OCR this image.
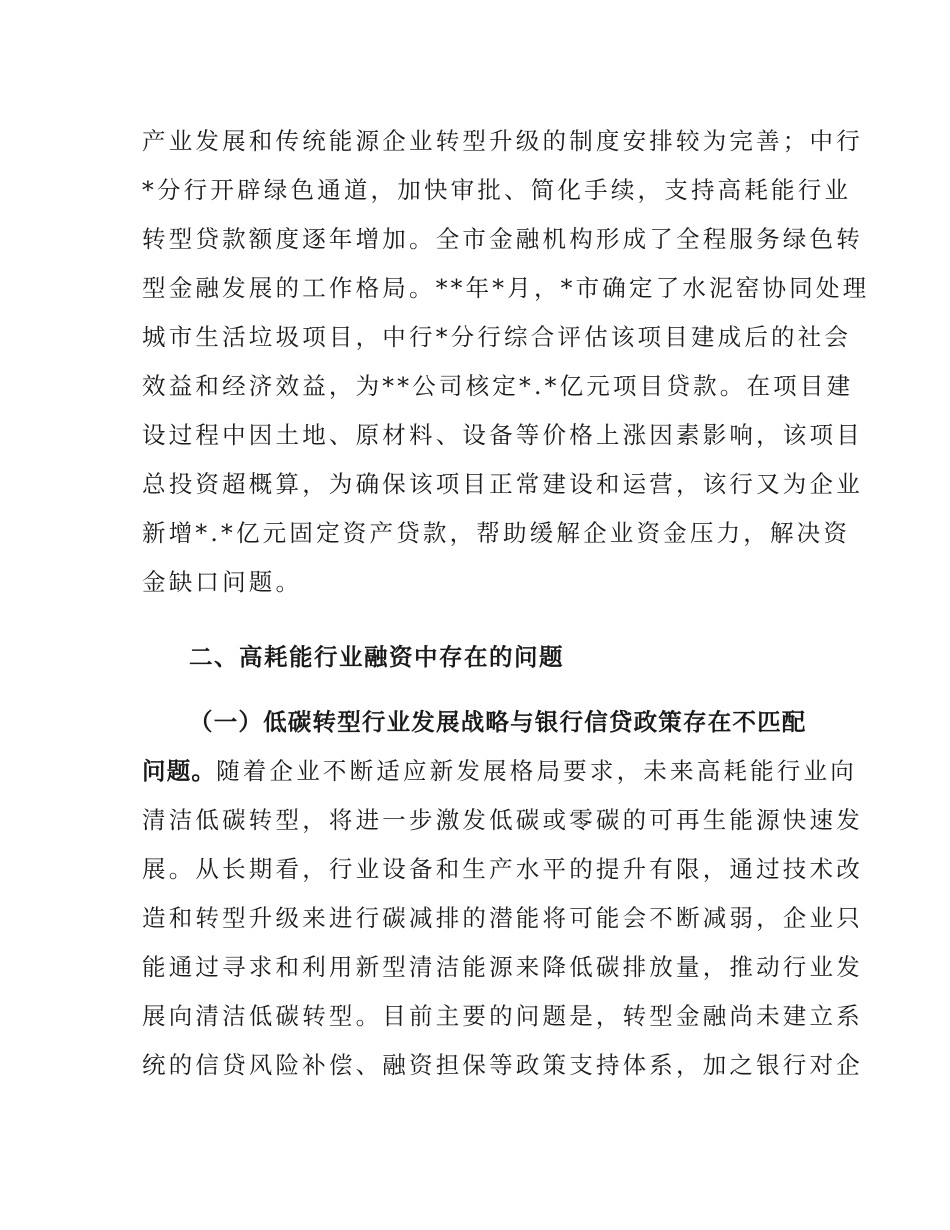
产业发展和传统能源企业转型升级的制度安排较为完善；中行
*分行开辟绿色通道，加快审批、简化手续，支持高耗能行业
转型贷款额度逐年增加。全市金融机构形成了全程服务绿色转
型金融发展的工作格局。**年*月，*市确定了水泥窑协同处理
城市生活垃圾项目，中行*分行综合评估该项目建成后的社会
效益和经济效益，为**公司核定*.*亿元项目贷款。在项目建
设过程中因土地、原材料、设备等价格上涨因素影响，该项目
总投资超概算，为确保该项目正常建设和运营，该行又为企业
新增*.*亿元固定资产贷款，帮助缓解企业资金压力，解决资
金缺口问题。
二、高耗能行业融资中存在的问题
（一）低碳转型行业发展战略与银行信贷政策存在不匹配
问题。随着企业不断适应新发展格局要求，未来高耗能行业向
清洁低碳转型，将进一步激发低碳或零碳的可再生能源快速发
展。从长期看，行业设备和生产水平的提升有限，通过技术改
造和转型升级来进行碳减排的潜能将可能会不断减弱，企业只
能通过寻求和利用新型清洁能源来降低碳排放量，推动行业发
展向清洁低碳转型。目前主要的问题是，转型金融尚未建立系
统的信贷风险补偿、融资担保等政策支持体系，加之银行对企
